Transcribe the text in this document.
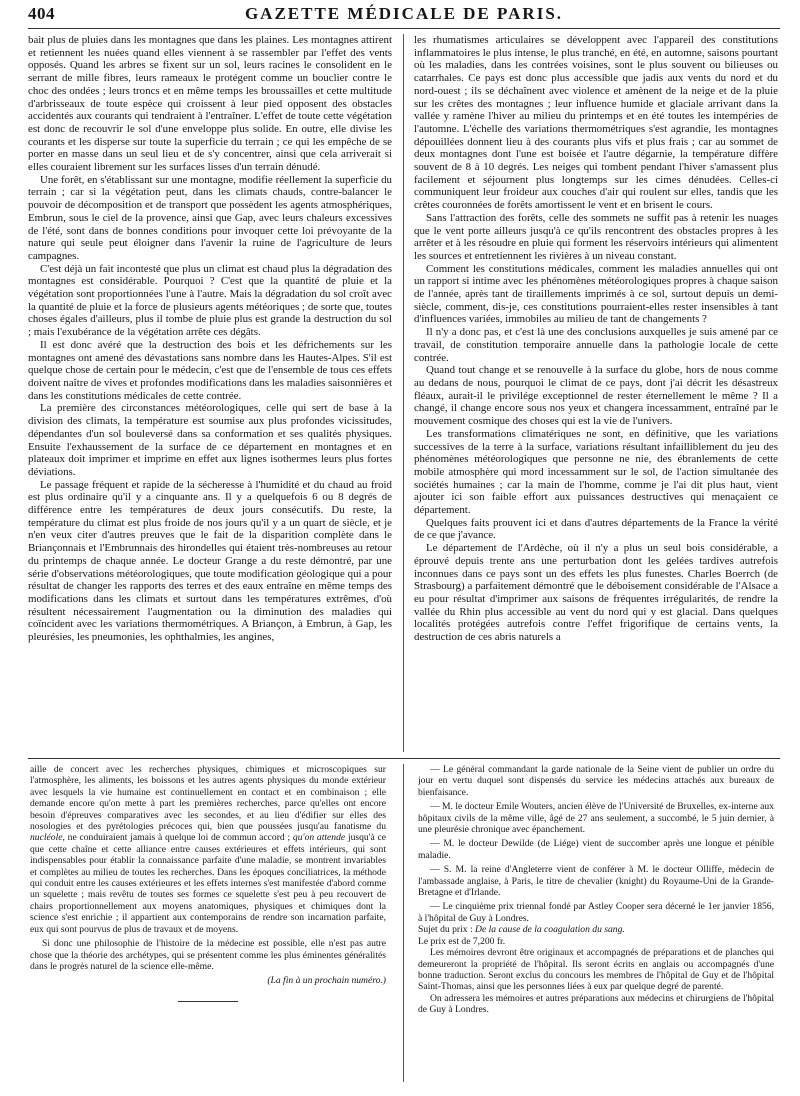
404	GAZETTE MÉDICALE DE PARIS.

bait plus de pluies dans les montagnes que dans les plaines. Les montagnes attirent et retiennent les nuées quand elles viennent à se rassembler par l'effet des vents opposés. Quand les arbres se fixent sur un sol, leurs racines le consolident en le serrant de mille fibres, leurs rameaux le protégent comme un bouclier contre le choc des ondées ; leurs troncs et en même temps les broussailles et cette multitude d'arbrisseaux de toute espèce qui croissent à leur pied opposent des obstacles accidentés aux courants qui tendraient à l'entraîner. L'effet de toute cette végétation est donc de recouvrir le sol d'une enveloppe plus solide. En outre, elle divise les courants et les disperse sur toute la superficie du terrain ; ce qui les empêche de se porter en masse dans un seul lieu et de s'y concentrer, ainsi que cela arriverait si elles couraient librement sur les surfaces lisses d'un terrain dénudé.

Une forêt, en s'établissant sur une montagne, modifie réellement la superficie du terrain ; car si la végétation peut, dans les climats chauds, contre-balancer le pouvoir de décomposition et de transport que possèdent les agents atmosphériques, Embrun, sous le ciel de la provence, ainsi que Gap, avec leurs chaleurs excessives de l'été, sont dans de bonnes conditions pour invoquer cette loi prévoyante de la nature qui seule peut éloigner dans l'avenir la ruine de l'agriculture de leurs campagnes.

C'est déjà un fait incontesté que plus un climat est chaud plus la dégradation des montagnes est considérable. Pourquoi ? C'est que la quantité de pluie et la végétation sont proportionnées l'une à l'autre. Mais la dégradation du sol croît avec la quantité de pluie et la force de plusieurs agents météoriques ; de sorte que, toutes choses égales d'ailleurs, plus il tombe de pluie plus est grande la destruction du sol ; mais l'exubérance de la végétation arrête ces dégâts.

Il est donc avéré que la destruction des bois et les défrichements sur les montagnes ont amené des dévastations sans nombre dans les Hautes-Alpes. S'il est quelque chose de certain pour le médecin, c'est que de l'ensemble de tous ces effets doivent naître de vives et profondes modifications dans les maladies saisonnières et dans les constitutions médicales de cette contrée.

La première des circonstances météorologiques, celle qui sert de base à la division des climats, la température est soumise aux plus profondes vicissitudes, dépendantes d'un sol bouleversé dans sa conformation et ses qualités physiques. Ensuite l'exhaussement de la surface de ce département en montagnes et en plateaux doit imprimer et imprime en effet aux lignes isothermes leurs plus fortes déviations.

Le passage fréquent et rapide de la sécheresse à l'humidité et du chaud au froid est plus ordinaire qu'il y a cinquante ans. Il y a quelquefois 6 ou 8 degrés de différence entre les températures de deux jours consécutifs. Du reste, la température du climat est plus froide de nos jours qu'il y a un quart de siècle, et je n'en veux citer d'autres preuves que le fait de la disparition complète dans le Briançonnais et l'Embrunnais des hirondelles qui étaient très-nombreuses au retour du printemps de chaque année. Le docteur Grange a du reste démontré, par une série d'observations météorologiques, que toute modification géologique qui a pour résultat de changer les rapports des terres et des eaux entraîne en même temps des modifications dans les climats et surtout dans les températures extrêmes, d'où résultent nécessairement l'augmentation ou la diminution des maladies qui coïncident avec les variations thermométriques. A Briançon, à Embrun, à Gap, les pleurésies, les pneumonies, les ophthalmies, les angines,

les rhumatismes articulaires se développent avec l'appareil des constitutions inflammatoires le plus intense, le plus tranché, en été, en automne, saisons pourtant où les maladies, dans les contrées voisines, sont le plus souvent ou bilieuses ou catarrhales. Ce pays est donc plus accessible que jadis aux vents du nord et du nord-ouest ; ils se déchaînent avec violence et amènent de la neige et de la pluie sur les crêtes des montagnes ; leur influence humide et glaciale arrivant dans la vallée y ramène l'hiver au milieu du printemps et en été toutes les intempéries de l'automne. L'échelle des variations thermométriques s'est agrandie, les montagnes dépouillées donnent lieu à des courants plus vifs et plus frais ; car au sommet de deux montagnes dont l'une est boisée et l'autre dégarnie, la température diffère souvent de 8 à 10 degrés. Les neiges qui tombent pendant l'hiver s'amassent plus facilement et séjournent plus longtemps sur les cimes dénudées. Celles-ci communiquent leur froideur aux couches d'air qui roulent sur elles, tandis que les crêtes couronnées de forêts amortissent le vent et en brisent le cours.

Sans l'attraction des forêts, celle des sommets ne suffit pas à retenir les nuages que le vent porte ailleurs jusqu'à ce qu'ils rencontrent des obstacles propres à les arrêter et à les résoudre en pluie qui forment les réservoirs intérieurs qui alimentent les sources et entretiennent les rivières à un niveau constant.

Comment les constitutions médicales, comment les maladies annuelles qui ont un rapport si intime avec les phénomènes météorologiques propres à chaque saison de l'année, après tant de tiraillements imprimés à ce sol, surtout depuis un demi-siècle, comment, dis-je, ces constitutions pourraient-elles rester insensibles à tant d'influences variées, immobiles au milieu de tant de changements ?

Il n'y a donc pas, et c'est là une des conclusions auxquelles je suis amené par ce travail, de constitution temporaire annuelle dans la pathologie locale de cette contrée.

Quand tout change et se renouvelle à la surface du globe, hors de nous comme au dedans de nous, pourquoi le climat de ce pays, dont j'ai décrit les désastreux fléaux, aurait-il le privilége exceptionnel de rester éternellement le même ? Il a changé, il change encore sous nos yeux et changera incessamment, entraîné par le mouvement cosmique des choses qui est la vie de l'univers.

Les transformations climatériques ne sont, en définitive, que les variations successives de la terre à la surface, variations résultant infailliblement du jeu des phénomènes météorologiques que personne ne nie, des ébranlements de cette mobile atmosphère qui mord incessamment sur le sol, de l'action simultanée des sociétés humaines ; car la main de l'homme, comme je l'ai dit plus haut, vient ajouter ici son faible effort aux puissances destructives qui menaçaient ce département.

Quelques faits prouvent ici et dans d'autres départements de la France la vérité de ce que j'avance.

Le département de l'Ardèche, où il n'y a plus un seul bois considérable, a éprouvé depuis trente ans une perturbation dont les gelées tardives autrefois inconnues dans ce pays sont un des effets les plus funestes. Charles Boerrch (de Strasbourg) a parfaitement démontré que le déboisement considérable de l'Alsace a eu pour résultat d'imprimer aux saisons de fréquentes irrégularités, de rendre la vallée du Rhin plus accessible au vent du nord qui y est glacial. Dans quelques localités protégées autrefois contre l'effet frigorifique de certains vents, la destruction de ces abris naturels a

aille de concert avec les recherches physiques, chimiques et microscopiques sur l'atmosphère, les aliments, les boissons et les autres agents physiques du monde extérieur avec lesquels la vie humaine est continuellement en contact et en combinaison ; elle demande encore qu'on mette à part les premières recherches, parce qu'elles ont encore besoin d'épreuves comparatives avec les secondes, et au lieu d'édifier sur elles des nosologies et des pyrétologies précoces qui, bien que poussées jusqu'au fanatisme du nucléole, ne conduiraient jamais à quelque loi de commun accord ; qu'on attende jusqu'à ce que cette chaîne et cette alliance entre causes extérieures et effets intérieurs, qui sont indispensables pour établir la connaissance parfaite d'une maladie, se montrent invariables et complètes au milieu de toutes les recherches. Dans les époques conciliatrices, la méthode qui conduit entre les causes extérieures et les effets internes s'est manifestée d'abord comme un squelette ; mais revêtu de toutes ses formes ce squelette s'est peu à peu recouvert de chairs proportionnellement aux moyens anatomiques, physiques et chimiques dont la science s'est enrichie ; il appartient aux contemporains de rendre son incarnation parfaite, eux qui sont pourvus de plus de travaux et de moyens.

Si donc une philosophie de l'histoire de la médecine est possible, elle n'est pas autre chose que la théorie des archétypes, qui se présentent comme les plus éminentes généralités dans le progrès naturel de la science elle-même.

(La fin à un prochain numéro.)

— Le général commandant la garde nationale de la Seine vient de publier un ordre du jour en vertu duquel sont dispensés du service les médecins attachés aux bureaux de bienfaisance.

— M. le docteur Emile Wouters, ancien élève de l'Université de Bruxelles, ex-interne aux hôpitaux civils de la même ville, âgé de 27 ans seulement, a succombé, le 5 juin dernier, à une pleurésie chronique avec épanchement.

— M. le docteur Dewilde (de Liége) vient de succomber après une longue et pénible maladie.

— S. M. la reine d'Angleterre vient de conférer à M. le docteur Olliffe, médecin de l'ambassade anglaise, à Paris, le titre de chevalier (knight) du Royaume-Uni de la Grande-Bretagne et d'Irlande.

— Le cinquième prix triennal fondé par Astley Cooper sera décerné le 1er janvier 1856, à l'hôpital de Guy à Londres.

Sujet du prix : De la cause de la coagulation du sang.

Le prix est de 7,200 fr.

Les mémoires devront être originaux et accompagnés de préparations et de planches qui demeureront la propriété de l'hôpital. Ils seront écrits en anglais ou accompagnés d'une bonne traduction. Seront exclus du concours les membres de l'hôpital de Guy et de l'hôpital Saint-Thomas, ainsi que les personnes liées à eux par quelque degré de parenté.

On adressera les mémoires et autres préparations aux médecins et chirurgiens de l'hôpital de Guy à Londres.
